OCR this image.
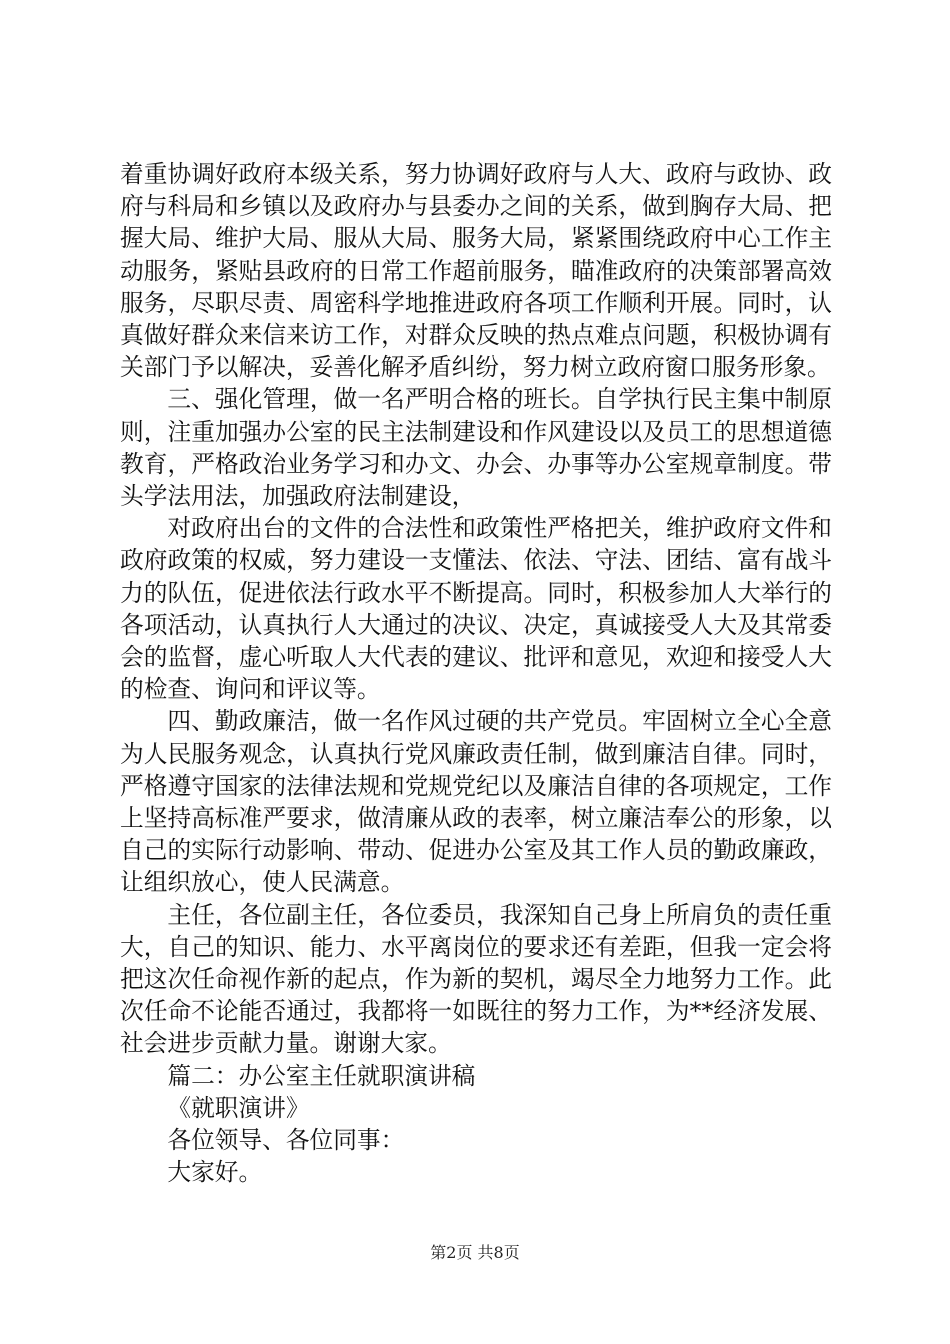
着重协调好政府本级关系，努力协调好政府与人大、政府与政协、政府与科局和乡镇以及政府办与县委办之间的关系，做到胸存大局、把握大局、维护大局、服从大局、服务大局，紧紧围绕政府中心工作主动服务，紧贴县政府的日常工作超前服务，瞄准政府的决策部署高效服务，尽职尽责、周密科学地推进政府各项工作顺利开展。同时，认真做好群众来信来访工作，对群众反映的热点难点问题，积极协调有关部门予以解决，妥善化解矛盾纠纷，努力树立政府窗口服务形象。

三、强化管理，做一名严明合格的班长。自学执行民主集中制原则，注重加强办公室的民主法制建设和作风建设以及员工的思想道德教育，严格政治业务学习和办文、办会、办事等办公室规章制度。带头学法用法，加强政府法制建设，

对政府出台的文件的合法性和政策性严格把关，维护政府文件和政府政策的权威，努力建设一支懂法、依法、守法、团结、富有战斗力的队伍，促进依法行政水平不断提高。同时，积极参加人大举行的各项活动，认真执行人大通过的决议、决定，真诚接受人大及其常委会的监督，虚心听取人大代表的建议、批评和意见，欢迎和接受人大的检查、询问和评议等。

四、勤政廉洁，做一名作风过硬的共产党员。牢固树立全心全意为人民服务观念，认真执行党风廉政责任制，做到廉洁自律。同时，严格遵守国家的法律法规和党规党纪以及廉洁自律的各项规定，工作上坚持高标准严要求，做清廉从政的表率，树立廉洁奉公的形象，以自己的实际行动影响、带动、促进办公室及其工作人员的勤政廉政，让组织放心，使人民满意。

主任，各位副主任，各位委员，我深知自己身上所肩负的责任重大，自己的知识、能力、水平离岗位的要求还有差距，但我一定会将把这次任命视作新的起点，作为新的契机，竭尽全力地努力工作。此次任命不论能否通过，我都将一如既往的努力工作，为**经济发展、社会进步贡献力量。谢谢大家。

篇二：办公室主任就职演讲稿

《就职演讲》

各位领导、各位同事：

大家好。

第2页 共8页
